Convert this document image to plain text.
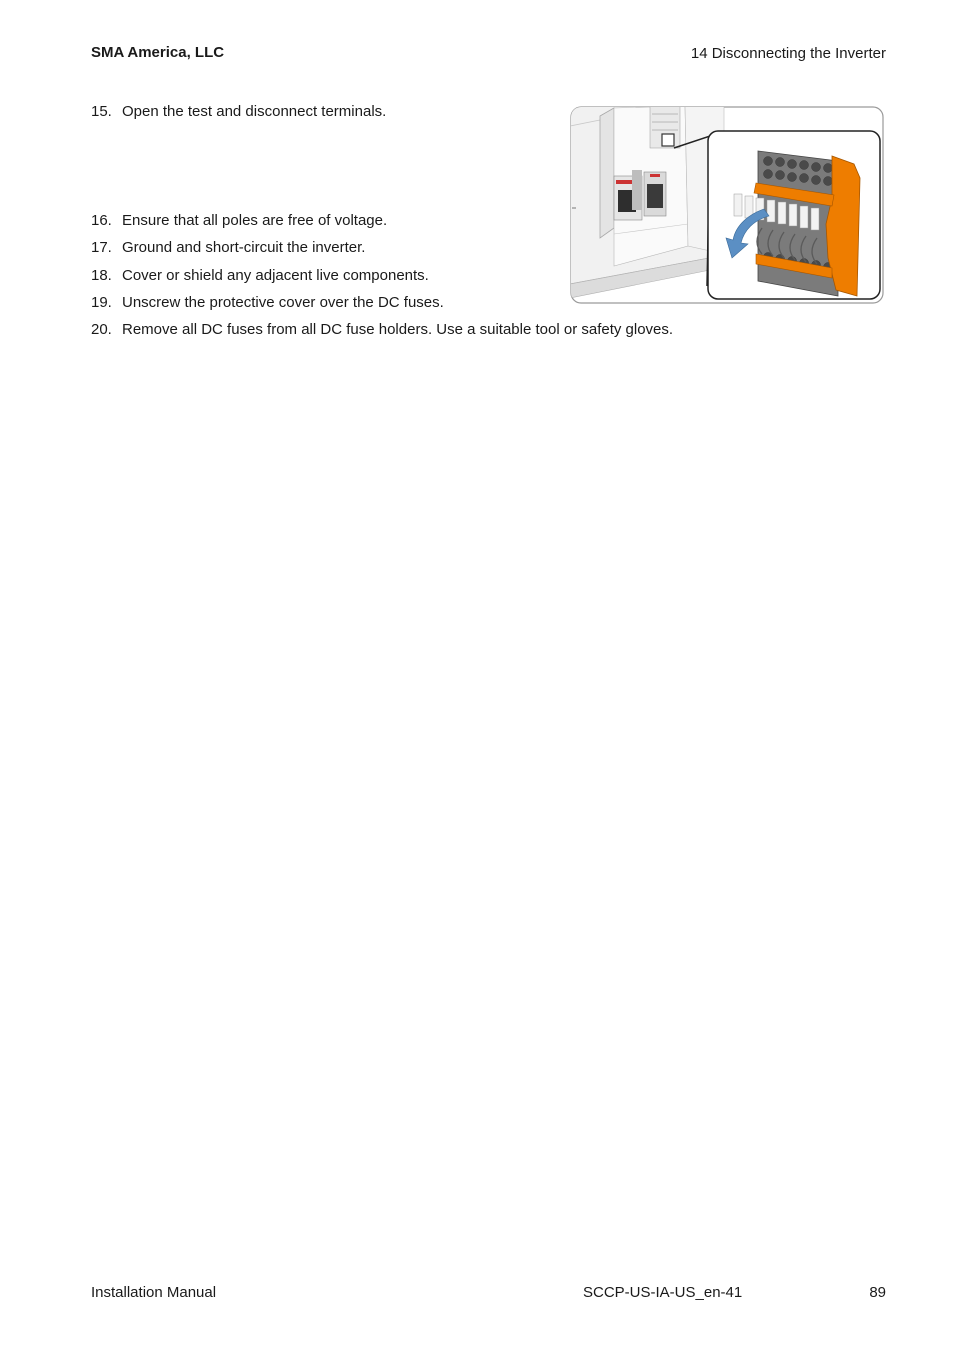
SMA America, LLC	14 Disconnecting the Inverter
15. Open the test and disconnect terminals.
16. Ensure that all poles are free of voltage.
17. Ground and short-circuit the inverter.
18. Cover or shield any adjacent live components.
19. Unscrew the protective cover over the DC fuses.
20. Remove all DC fuses from all DC fuse holders. Use a suitable tool or safety gloves.
Installation Manual	SCCP-US-IA-US_en-41	89
